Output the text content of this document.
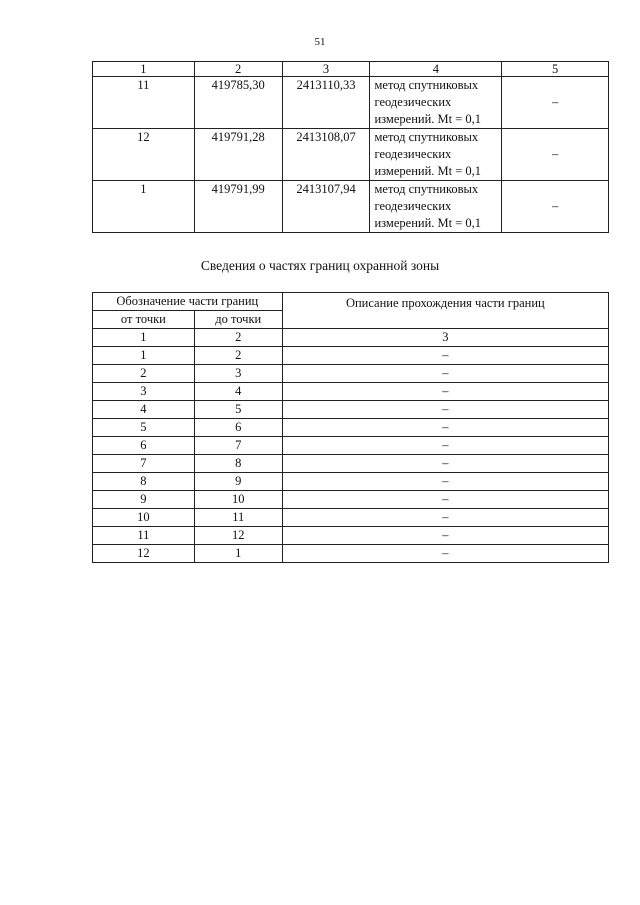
51
1	2	3	4	5
11	419785,30	2413110,33	метод спутниковых
геодезических
измерений. Mt = 0,1	–
12	419791,28	2413108,07	метод спутниковых
геодезических
измерений. Mt = 0,1	–
1	419791,99	2413107,94	метод спутниковых
геодезических
измерений. Mt = 0,1	–
Сведения о частях границ охранной зоны
Обозначение части границ		Описание прохождения части границ
от точки	до точки	
1	2	3
1	2	–
2	3	–
3	4	–
4	5	–
5	6	–
6	7	–
7	8	–
8	9	–
9	10	–
10	11	–
11	12	–
12	1	–
